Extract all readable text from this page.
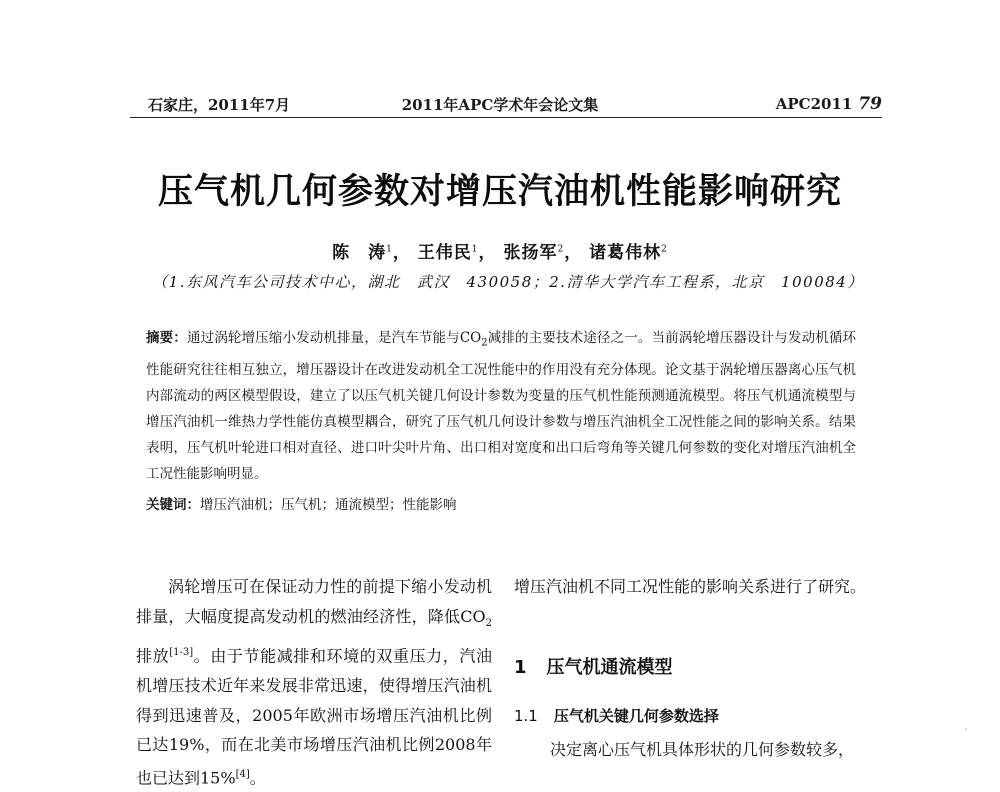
石家庄，2011年7月	2011年APC学术年会论文集	APC2011 79
压气机几何参数对增压汽油机性能影响研究
陈　涛$^1$， 王伟民$^1$， 张扬军$^2$， 诸葛伟林$^2$
（1.东风汽车公司技术中心，湖北　武汉　430058；2.清华大学汽车工程系，北京　100084）
摘要：通过涡轮增压缩小发动机排量，是汽车节能与$CO_2$减排的主要技术途径之一。当前涡轮增压器设计与发动机循环性能研究往往相互独立，增压器设计在改进发动机全工况性能中的作用没有充分体现。论文基于涡轮增压器离心压气机内部流动的两区模型假设，建立了以压气机关键几何设计参数为变量的压气机性能预测通流模型。将压气机通流模型与增压汽油机一维热力学性能仿真模型耦合，研究了压气机几何设计参数与增压汽油机全工况性能之间的影响关系。结果表明，压气机叶轮进口相对直径、进口叶尖叶片角、出口相对宽度和出口后弯角等关键几何参数的变化对增压汽油机全工况性能影响明显。
关键词：增压汽油机；压气机；通流模型；性能影响
涡轮增压可在保证动力性的前提下缩小发动机排量，大幅度提高发动机的燃油经济性，降低$CO_2$排放[1-3]。由于节能减排和环境的双重压力，汽油机增压技术近年来发展非常迅速，使得增压汽油机得到迅速普及，2005年欧洲市场增压汽油机比例已达19%，而在北美市场增压汽油机比例2008年也已达到15%[4]。
增压汽油机不同工况性能的影响关系进行了研究。
1 压气机通流模型
1.1 压气机关键几何参数选择
决定离心压气机具体形状的几何参数较多，
·
